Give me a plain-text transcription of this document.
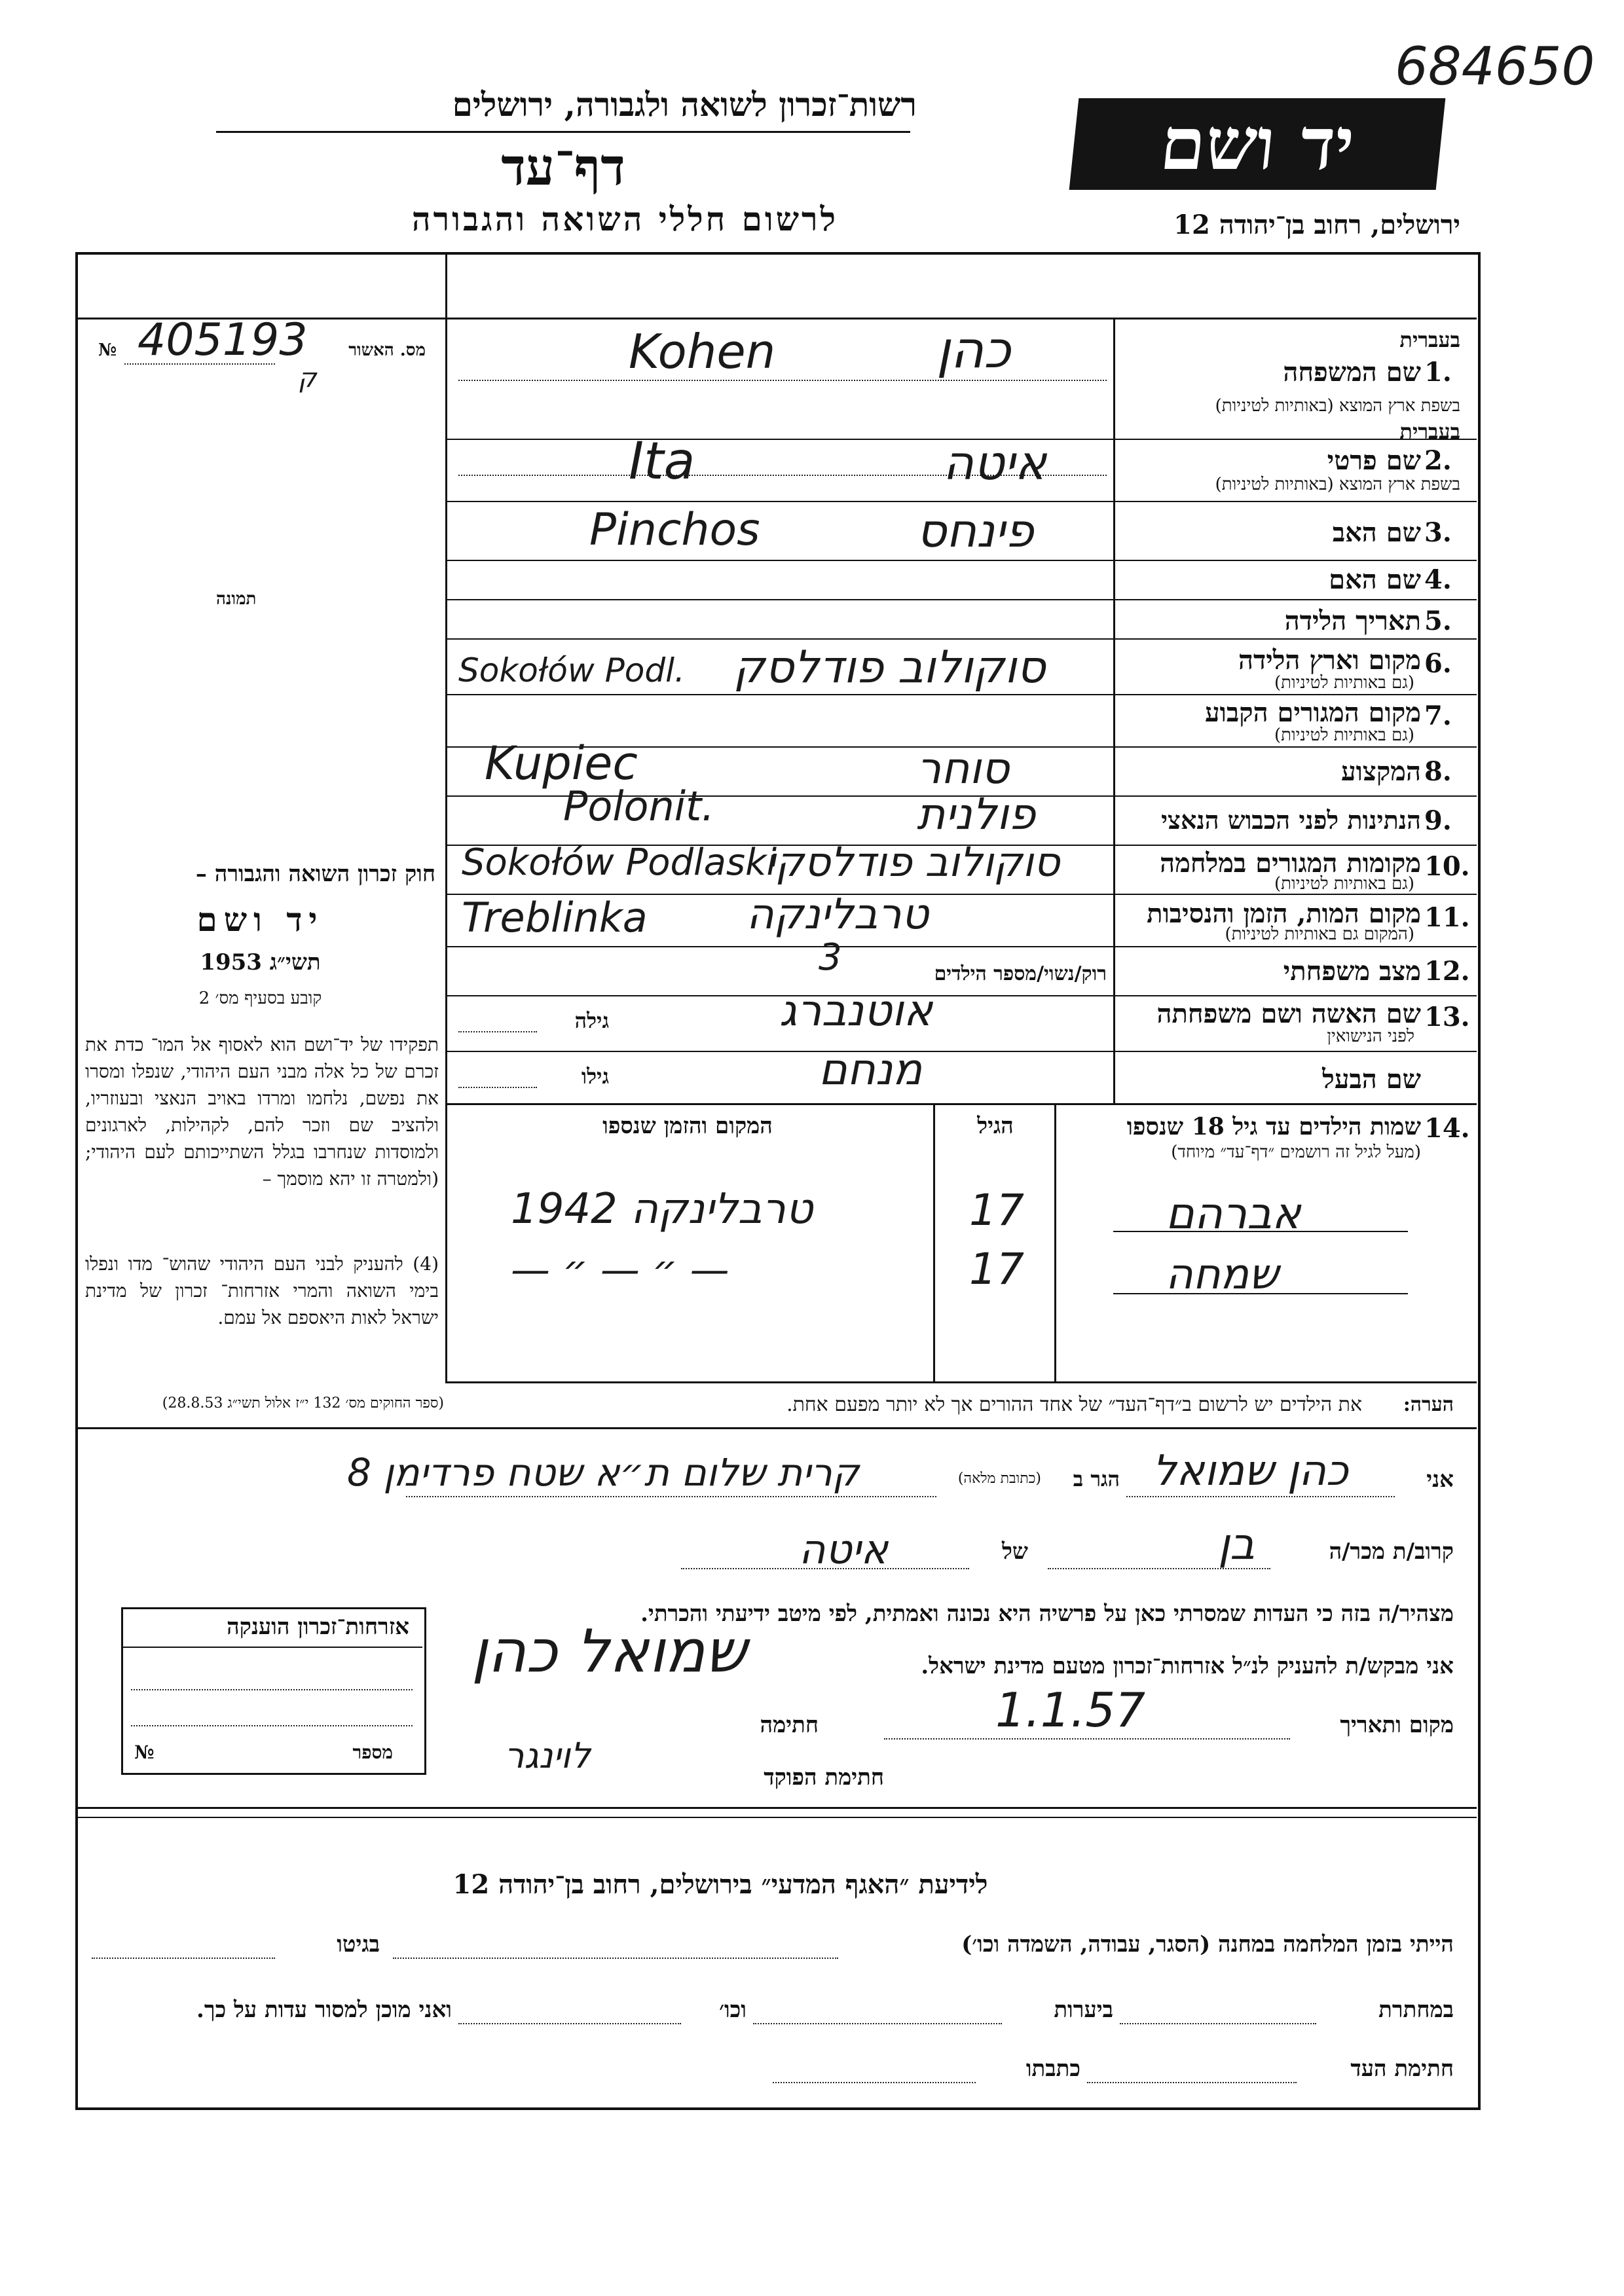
684650
רשות־זכרון לשואה ולגבורה, ירושלים
דף־עד
לרשום חללי השואה והגבורה
יד ושם
ירושלים, רחוב בן־יהודה 12
מס. האשור
№ 405193
ק
תמונה
חוק זכרון השואה והגבורה –
יד ושם
תשי״ג 1953
קובע בסעיף מס׳ 2
תפקידו של יד־ושם הוא לאסוף אל המו־ כדת את זכרם של כל אלה מבני העם היהודי, שנפלו ומסרו את נפשם, נלחמו ומרדו באויב הנאצי ובעוזריו, ולהציב שם וזכר להם, לקהילות, לארגונים ולמוסדות שנחרבו בגלל השתייכותם לעם היהודי; (ולמטרה זו יהא מוסמך –
(4) להעניק לבני העם היהודי שהוש־ מדו ונפלו בימי השואה והמרי אזרחות־ זכרון של מדינת ישראל לאות היאספם אל עמם.
(ספר החוקים מס׳ 132 י״ז אלול תשי״ג 28.8.53)
בעברית
1.
שם המשפחה
בשפת ארץ המוצא (באותיות לטיניות)
כהן
Kohen
בעברית
2.
שם פרטי
בשפת ארץ המוצא (באותיות לטיניות)
איטה
Ita
3.
שם האב
פינחס
Pinchos
4.
שם האם
5.
תאריך הלידה
6.
מקום וארץ הלידה
(גם באותיות לטיניות)
סוקולוב פודלסק
Sokołów Podl.
7.
מקום המגורים הקבוע
(גם באותיות לטיניות)
8.
המקצוע
סוחר
Kupiec
9.
הנתינות לפני הכבוש הנאצי
פולנית
Polonit.
10.
מקומות המגורים במלחמה
(גם באותיות לטיניות)
סוקולוב פודלסקי
Sokołów Podlaski
11.
מקום המות, הזמן והנסיבות
(המקום גם באותיות לטיניות)
טרבלינקה
Treblinka
12.
מצב משפחתי
רוק/נשוי/מספר הילדים
3
13.
שם האשה ושם משפחתה
לפני הנישואין
גילה	אוטנברג
שם הבעל
גילו	מנחם
14.
שמות הילדים עד גיל 18 שנספו
(מעל לגיל זה רושמים ״דף־עד״ מיוחד)
הגיל
המקום והזמן שנספו
אברהם
17
טרבלינקה 1942
שמחה
17
— ״ — ״ —
הערה:
את הילדים יש לרשום ב״דף־העד״ של אחד ההורים אך לא יותר מפעם אחת.
אני
כהן שמואל
הגר ב
(כתובת מלאה)
קרית שלום ת״א שטח פרדימן 8
קרוב/ת מכר/ה
בן
של
איטה
מצהיר/ה בזה כי העדות שמסרתי כאן על פרשיה היא נכונה ואמתית, לפי מיטב ידיעתי והכרתי.
אני מבקש/ת להעניק לנ״ל אזרחות־זכרון מטעם מדינת ישראל.
מקום ותאריך
1.1.57
חתימה
שמואל כהן
חתימת הפוקד
לוינגר
אזרחות־זכרון הוענקה
מספר
№
לידיעת ״האגף המדעי״ בירושלים, רחוב בן־יהודה 12
הייתי בזמן המלחמה במחנה (הסגר, עבודה, השמדה וכו׳)
בגיטו
במחתרת
ביערות
וכו׳
ואני מוכן למסור עדות על כך.
חתימת העד
כתבתו
